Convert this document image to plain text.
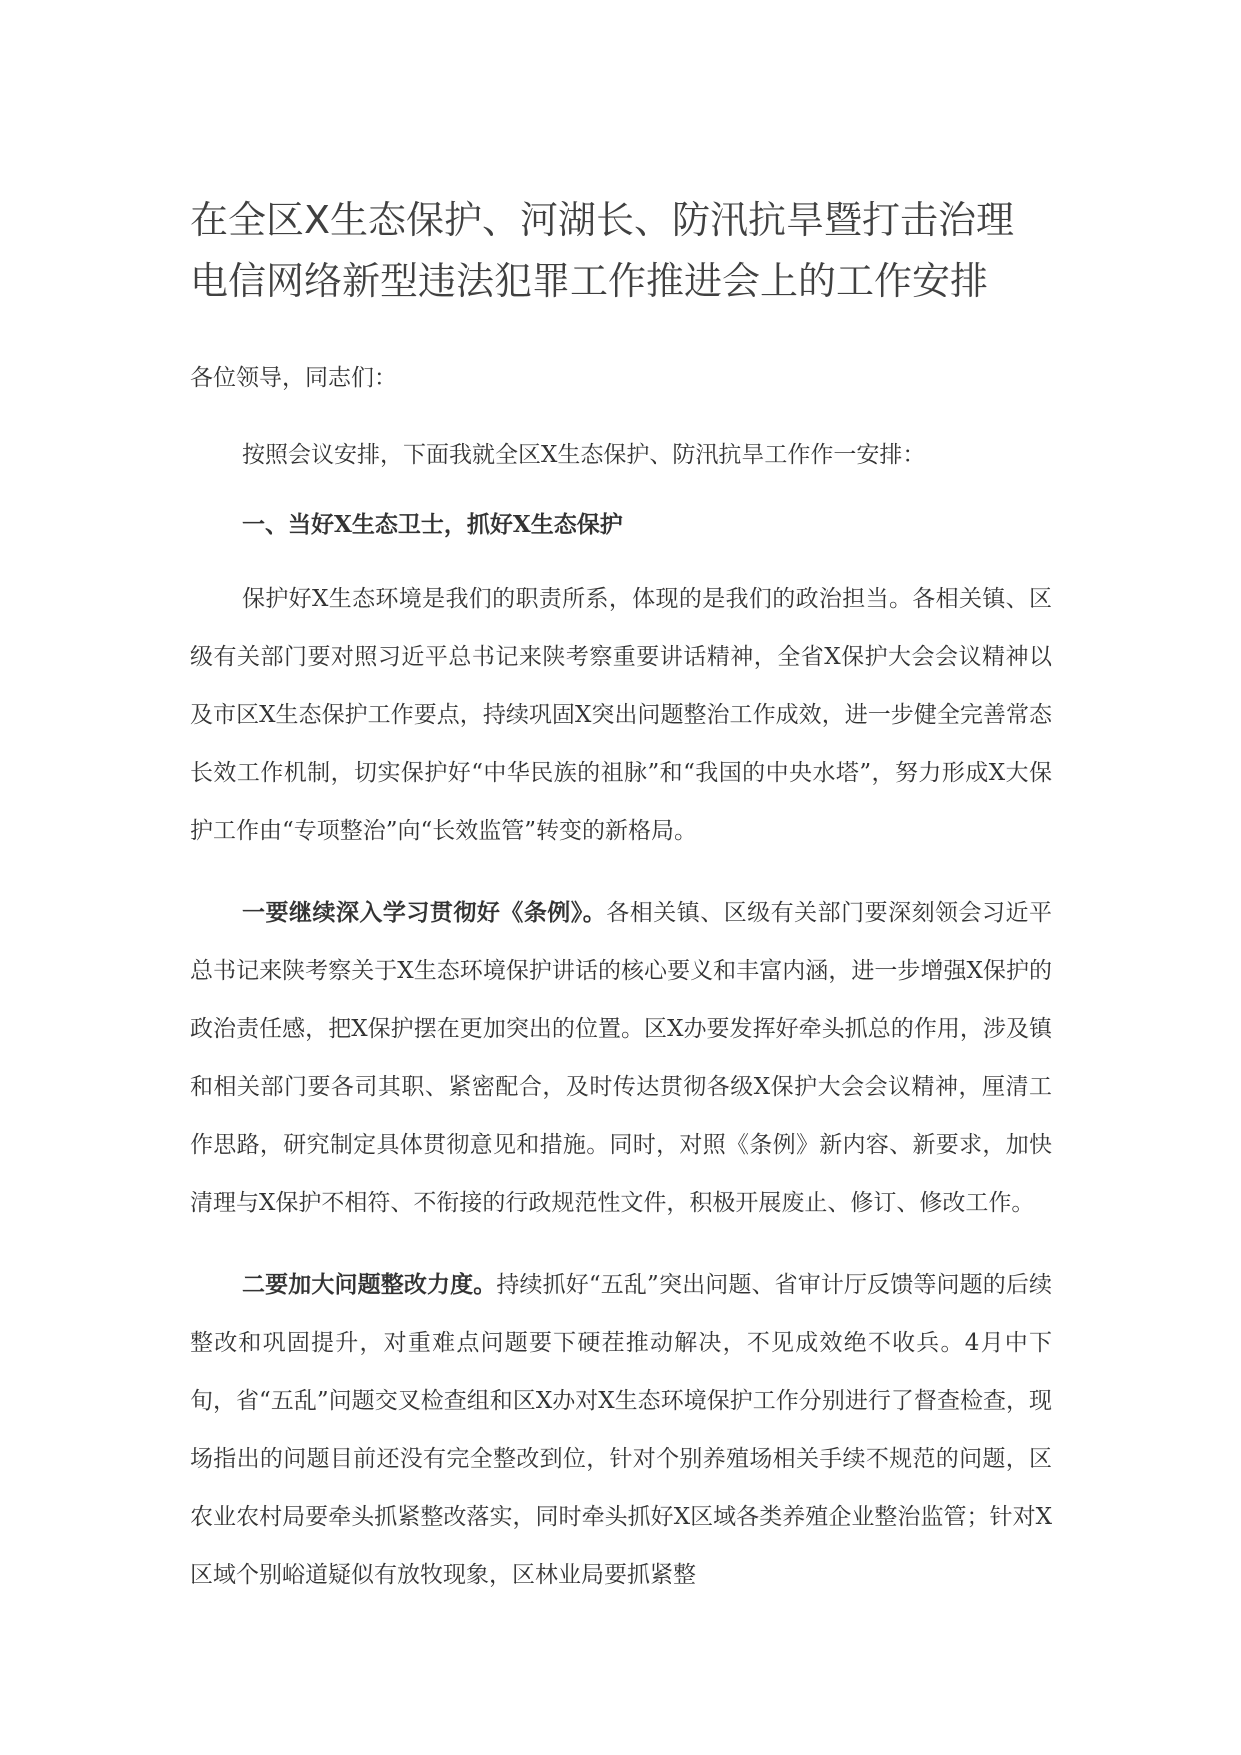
在全区X生态保护、河湖长、防汛抗旱暨打击治理电信网络新型违法犯罪工作推进会上的工作安排

各位领导，同志们：

按照会议安排，下面我就全区X生态保护、防汛抗旱工作作一安排：

一、当好X生态卫士，抓好X生态保护

保护好X生态环境是我们的职责所系，体现的是我们的政治担当。各相关镇、区级有关部门要对照习近平总书记来陕考察重要讲话精神，全省X保护大会会议精神以及市区X生态保护工作要点，持续巩固X突出问题整治工作成效，进一步健全完善常态长效工作机制，切实保护好“中华民族的祖脉”和“我国的中央水塔”，努力形成X大保护工作由“专项整治”向“长效监管”转变的新格局。

一要继续深入学习贯彻好《条例》。各相关镇、区级有关部门要深刻领会习近平总书记来陕考察关于X生态环境保护讲话的核心要义和丰富内涵，进一步增强X保护的政治责任感，把X保护摆在更加突出的位置。区X办要发挥好牵头抓总的作用，涉及镇和相关部门要各司其职、紧密配合，及时传达贯彻各级X保护大会会议精神，厘清工作思路，研究制定具体贯彻意见和措施。同时，对照《条例》新内容、新要求，加快清理与X保护不相符、不衔接的行政规范性文件，积极开展废止、修订、修改工作。

二要加大问题整改力度。持续抓好“五乱”突出问题、省审计厅反馈等问题的后续整改和巩固提升，对重难点问题要下硬茬推动解决，不见成效绝不收兵。4月中下旬，省“五乱”问题交叉检查组和区X办对X生态环境保护工作分别进行了督查检查，现场指出的问题目前还没有完全整改到位，针对个别养殖场相关手续不规范的问题，区农业农村局要牵头抓紧整改落实，同时牵头抓好X区域各类养殖企业整治监管；针对X区域个别峪道疑似有放牧现象，区林业局要抓紧整
